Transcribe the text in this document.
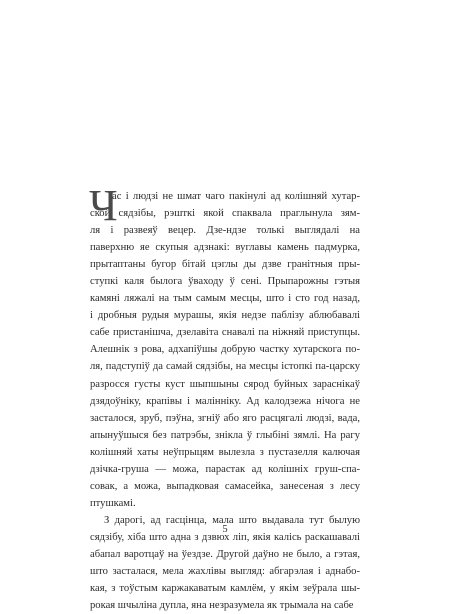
Ч
ас і людзі не шмат чаго пакінулі ад колішняй хутар-
ской сядзібы, рэшткі якой спаквала праглынула зям-
ля і развеяў вецер. Дзе-ндзе толькі выглядалі на
паверхню яе скупыя адзнакі: вуглавы камень падмурка,
прытаптаны бугор бітай цэглы ды дзве гранітныя пры-
ступкі каля былога ўваходу ў сені. Прыпарожны гэтыя
камяні ляжалі на тым самым месцы, што і сто год назад,
і дробныя рудыя мурашы, якія недзе паблізу аблюбавалі
сабе пристанішча, дзелавіта снавалі па ніжняй приступцы.
Алешнік з рова, адхапіўшы добрую частку хутарскога по-
ля, падступіў да самай сядзібы, на месцы істопкі па-царску
разросся густы куст шыпшыны сярод буйных зараснікаў
дзядоўніку, крапівы і малінніку. Ад калодзежа нічога не
засталося, зруб, пэўна, згніў або яго расцягалі людзі, вада,
апынуўшыся без патрэбы, знікла ў глыбіні зямлі. На рагу
колішняй хаты неўпрыцям вылезла з пустазелля калючая
дзічка-груша — можа, парастак ад колішніх груш-спа-
совак, а можа, выпадковая самасейка, занесеная з лесу
птушкамі.
З дарогі, ад гасцінца, мала што выдавала тут былую
сядзібу, хіба што адна з дзвюх ліп, якія калісь раскашавалі
абапал варотцаў на ўездзе. Другой даўно не было, а гэтая,
што засталася, мела жахлівы выгляд: абгарэлая і аднабо-
кая, з тоўстым каржакаватым камлём, у якім зеўрала шы-
рокая шчыліна дупла, яна незразумела як трымала на сабе
5
